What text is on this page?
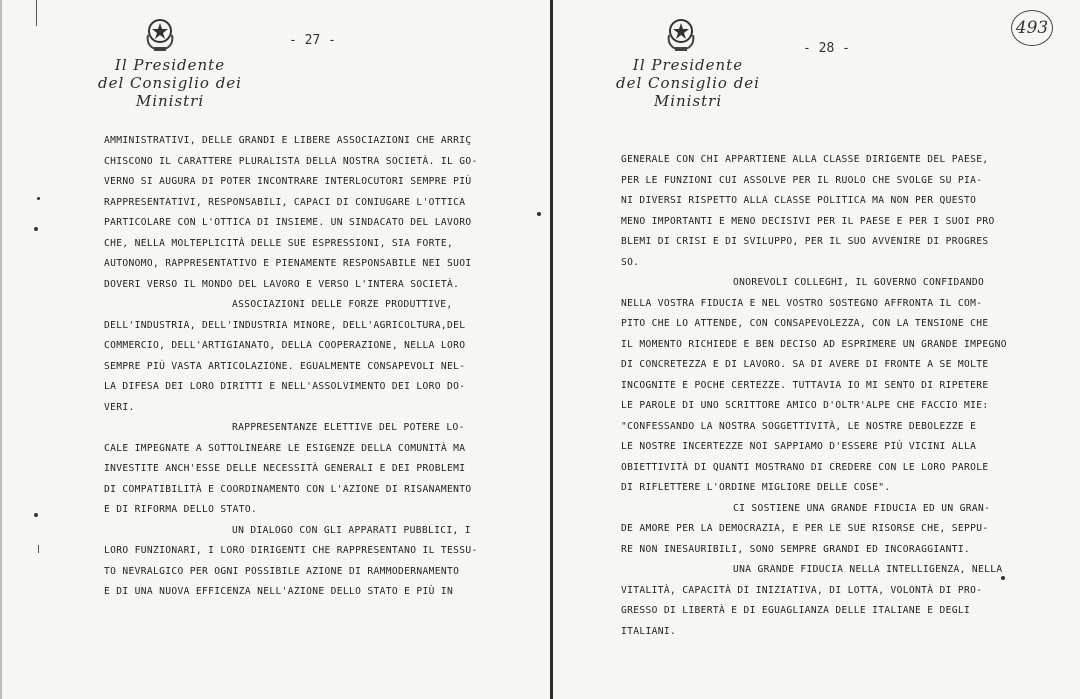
Il Presidente
del Consiglio dei Ministri
- 27 -
AMMINISTRATIVI, DELLE GRANDI E LIBERE ASSOCIAZIONI CHE ARRIÇ
CHISCONO IL CARATTERE PLURALISTA DELLA NOSTRA SOCIETÀ. IL GO-
VERNO SI AUGURA DI POTER INCONTRARE INTERLOCUTORI SEMPRE PIÙ
RAPPRESENTATIVI, RESPONSABILI, CAPACI DI CONIUGARE L'OTTICA
PARTICOLARE CON L'OTTICA DI INSIEME. UN SINDACATO DEL LAVORO
CHE, NELLA MOLTEPLICITÀ DELLE SUE ESPRESSIONI, SIA FORTE,
AUTONOMO, RAPPRESENTATIVO E PIENAMENTE RESPONSABILE NEI SUOI
DOVERI VERSO IL MONDO DEL LAVORO E VERSO L'INTERA SOCIETÀ.
ASSOCIAZIONI DELLE FORZE PRODUTTIVE,
DELL'INDUSTRIA, DELL'INDUSTRIA MINORE, DELL'AGRICOLTURA,DEL
COMMERCIO, DELL'ARTIGIANATO, DELLA COOPERAZIONE, NELLA LORO
SEMPRE PIÙ VASTA ARTICOLAZIONE. EGUALMENTE CONSAPEVOLI NEL-
LA DIFESA DEI LORO DIRITTI E NELL'ASSOLVIMENTO DEI LORO DO-
VERI.
RAPPRESENTANZE ELETTIVE DEL POTERE LO-
CALE IMPEGNATE A SOTTOLINEARE LE ESIGENZE DELLA COMUNITÀ MA
INVESTITE ANCH'ESSE DELLE NECESSITÀ GENERALI E DEI PROBLEMI
DI COMPATIBILITÀ E COORDINAMENTO CON L'AZIONE DI RISANAMENTO
E DI RIFORMA DELLO STATO.
UN DIALOGO CON GLI APPARATI PUBBLICI, I
LORO FUNZIONARI, I LORO DIRIGENTI CHE RAPPRESENTANO IL TESSU-
TO NEVRALGICO PER OGNI POSSIBILE AZIONE DI RAMMODERNAMENTO
E DI UNA NUOVA EFFICENZA NELL'AZIONE DELLO STATO E PIÙ IN
Il Presidente
del Consiglio dei Ministri
- 28 -
GENERALE CON CHI APPARTIENE ALLA CLASSE DIRIGENTE DEL PAESE,
PER LE FUNZIONI CUI ASSOLVE PER IL RUOLO CHE SVOLGE SU PIA-
NI DIVERSI RISPETTO ALLA CLASSE POLITICA MA NON PER QUESTO
MENO IMPORTANTI E MENO DECISIVI PER IL PAESE E PER I SUOI PRO
BLEMI DI CRISI E DI SVILUPPO, PER IL SUO AVVENIRE DI PROGRES
SO.
ONOREVOLI COLLEGHI, IL GOVERNO CONFIDANDO
NELLA VOSTRA FIDUCIA E NEL VOSTRO SOSTEGNO AFFRONTA IL COM-
PITO CHE LO ATTENDE, CON CONSAPEVOLEZZA, CON LA TENSIONE CHE
IL MOMENTO RICHIEDE E BEN DECISO AD ESPRIMERE UN GRANDE IMPEGNO
DI CONCRETEZZA E DI LAVORO. SA DI AVERE DI FRONTE A SE MOLTE
INCOGNITE E POCHE CERTEZZE. TUTTAVIA IO MI SENTO DI RIPETERE
LE PAROLE DI UNO SCRITTORE AMICO D'OLTR'ALPE CHE FACCIO MIE:
"CONFESSANDO LA NOSTRA SOGGETTIVITÀ, LE NOSTRE DEBOLEZZE E
LE NOSTRE INCERTEZZE NOI SAPPIAMO D'ESSERE PIÙ VICINI ALLA
OBIETTIVITÀ DI QUANTI MOSTRANO DI CREDERE CON LE LORO PAROLE
DI RIFLETTERE L'ORDINE MIGLIORE DELLE COSE".
CI SOSTIENE UNA GRANDE FIDUCIA ED UN GRAN-
DE AMORE PER LA DEMOCRAZIA, E PER LE SUE RISORSE CHE, SEPPU-
RE NON INESAURIBILI, SONO SEMPRE GRANDI ED INCORAGGIANTI.
UNA GRANDE FIDUCIA NELLA INTELLIGENZA, NELLA
VITALITÀ, CAPACITÀ DI INIZIATIVA, DI LOTTA, VOLONTÀ DI PRO-
GRESSO DI LIBERTÀ E DI EGUAGLIANZA DELLE ITALIANE E DEGLI
ITALIANI.
493
